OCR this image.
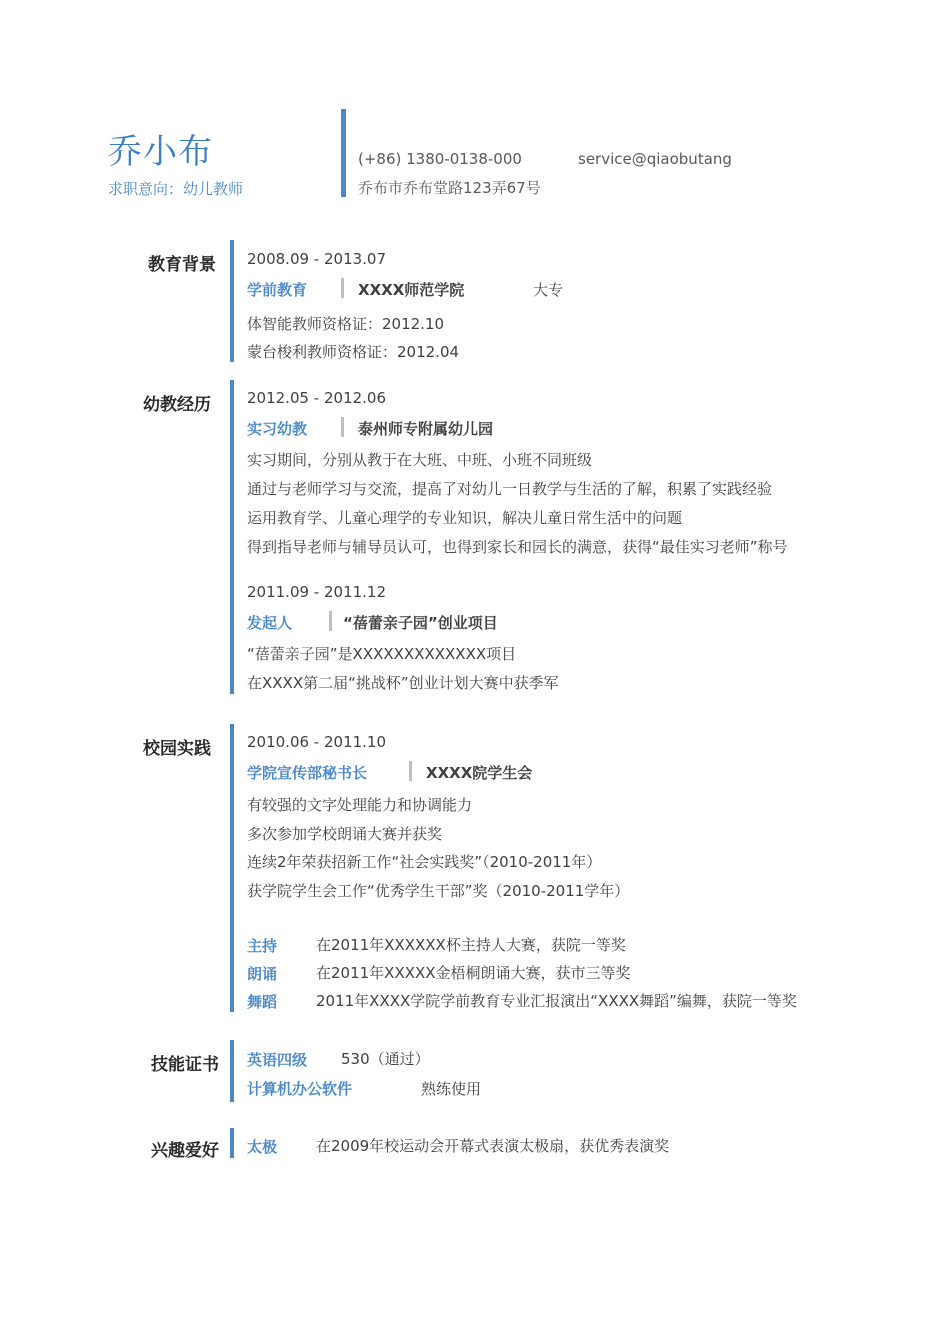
乔小布
求职意向：幼儿教师
(+86) 1380-0138-000	service@qiaobutang
乔布市乔布堂路123弄67号
教育背景 2008.09 - 2013.07
学前教育	XXXX师范学院	大专
体智能教师资格证：2012.10
蒙台梭利教师资格证：2012.04
幼教经历 2012.05 - 2012.06
实习幼教	泰州师专附属幼儿园
实习期间，分别从教于在大班、中班、小班不同班级
通过与老师学习与交流，提高了对幼儿一日教学与生活的了解，积累了实践经验
运用教育学、儿童心理学的专业知识，解决儿童日常生活中的问题
得到指导老师与辅导员认可，也得到家长和园长的满意，获得“最佳实习老师”称号
2011.09 - 2011.12
发起人	“蓓蕾亲子园”创业项目
“蓓蕾亲子园”是XXXXXXXXXXXXX项目
在XXXX第二届“挑战杯”创业计划大赛中获季军
校园实践 2010.06 - 2011.10
学院宣传部秘书长	XXXX院学生会
有较强的文字处理能力和协调能力
多次参加学校朗诵大赛并获奖
连续2年荣获招新工作“社会实践奖”（2010-2011年）
获学院学生会工作“优秀学生干部”奖（2010-2011学年）
主持	在2011年XXXXXX杯主持人大赛，获院一等奖
朗诵	在2011年XXXXX金梧桐朗诵大赛，获市三等奖
舞蹈	2011年XXXX学院学前教育专业汇报演出“XXXX舞蹈”编舞，获院一等奖
技能证书 英语四级 530（通过）
计算机办公软件	熟练使用
兴趣爱好 太极	在2009年校运动会开幕式表演太极扇，获优秀表演奖
